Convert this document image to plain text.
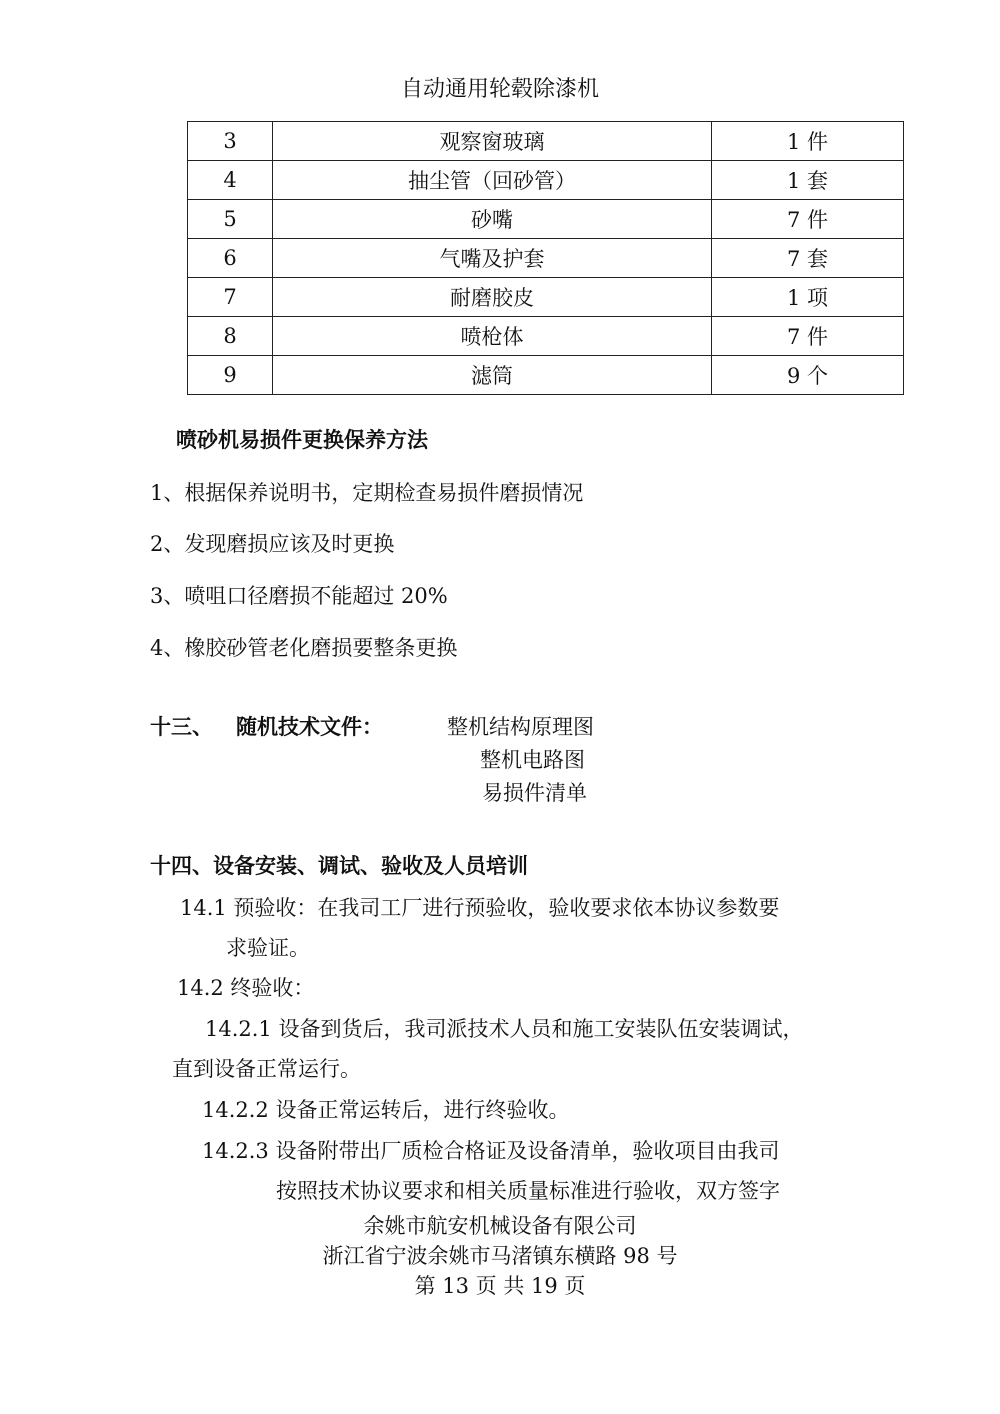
自动通用轮毂除漆机
3	观察窗玻璃	1 件
4	抽尘管（回砂管）	1 套
5	砂嘴	7 件
6	气嘴及护套	7 套
7	耐磨胶皮	1 项
8	喷枪体	7 件
9	滤筒	9 个
喷砂机易损件更换保养方法
1、根据保养说明书，定期检查易损件磨损情况
2、发现磨损应该及时更换
3、喷咀口径磨损不能超过 20%
4、橡胶砂管老化磨损要整条更换
十三、 随机技术文件：	整机结构原理图
整机电路图
易损件清单
十四、设备安装、调试、验收及人员培训
14.1 预验收：在我司工厂进行预验收，验收要求依本协议参数要
求验证。
14.2 终验收：
14.2.1 设备到货后，我司派技术人员和施工安装队伍安装调试，
直到设备正常运行。
14.2.2 设备正常运转后，进行终验收。
14.2.3 设备附带出厂质检合格证及设备清单，验收项目由我司
按照技术协议要求和相关质量标准进行验收，双方签字
余姚市航安机械设备有限公司
浙江省宁波余姚市马渚镇东横路 98 号
第 13 页 共 19 页
